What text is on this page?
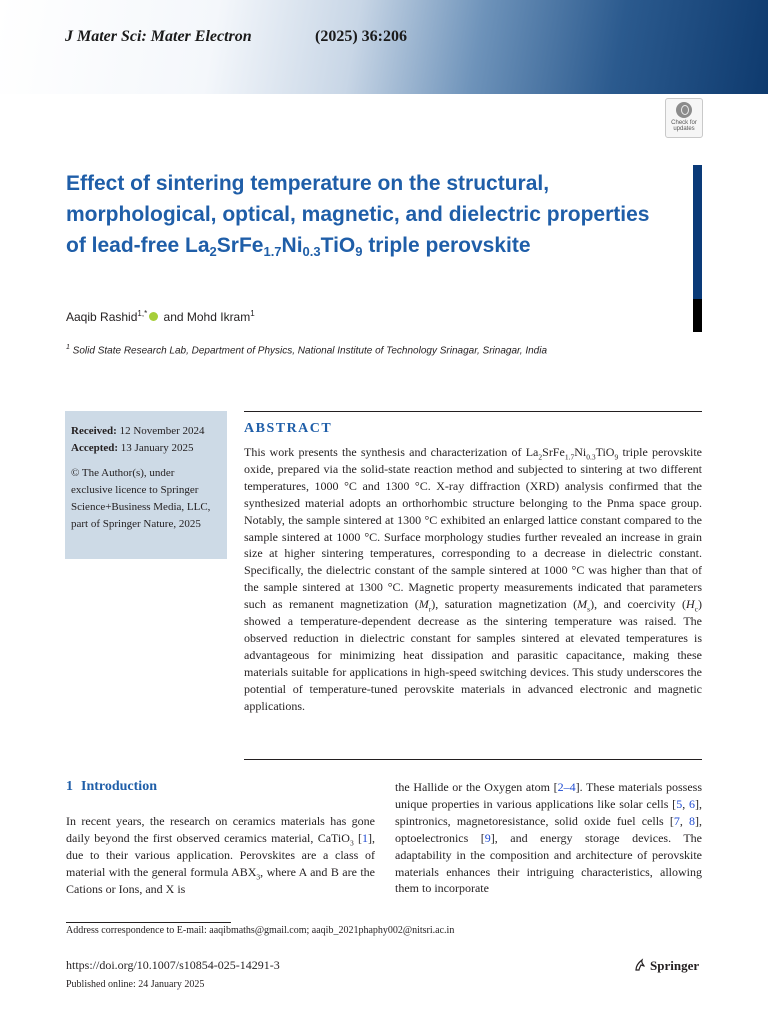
J Mater Sci: Mater Electron	(2025) 36:206
Check for
updates
Effect of sintering temperature on the structural, morphological, optical, magnetic, and dielectric properties of lead-free $La_2SrFe_{1.7}Ni_{0.3}TiO_9$ triple perovskite
Aaqib Rashid$^{1,*}$ and Mohd Ikram$^1$
$^1$ Solid State Research Lab, Department of Physics, National Institute of Technology Srinagar, Srinagar, India
Received: 12 November 2024
Accepted: 13 January 2025
© The Author(s), under
exclusive licence to Springer
Science+Business Media, LLC,
part of Springer Nature, 2025
ABSTRACT
This work presents the synthesis and characterization of $La_2SrFe_{1.7}Ni_{0.3}TiO_9$ triple perovskite oxide, prepared via the solid-state reaction method and subjected to sintering at two different temperatures, 1000 °C and 1300 °C. X-ray diffraction (XRD) analysis confirmed that the synthesized material adopts an orthorhombic structure belonging to the Pnma space group. Notably, the sample sintered at 1300 °C exhibited an enlarged lattice constant compared to the sample sintered at 1000 °C. Surface morphology studies further revealed an increase in grain size at higher sintering temperatures, corresponding to a decrease in dielectric constant. Specifically, the dielectric constant of the sample sintered at 1000 °C was higher than that of the sample sintered at 1300 °C. Magnetic property measurements indicated that parameters such as remanent magnetization $(M_r)$, saturation magnetization $(M_s)$, and coercivity $(H_c)$ showed a temperature-dependent decrease as the sintering temperature was raised. The observed reduction in dielectric constant for samples sintered at elevated temperatures is advantageous for minimizing heat dissipation and parasitic capacitance, making these materials suitable for applications in high-speed switching devices. This study underscores the potential of temperature-tuned perovskite materials in advanced electronic and magnetic applications.
1 Introduction
In recent years, the research on ceramics materials has gone daily beyond the first observed ceramics material, CaTiO$_3$ [1], due to their various application. Perovskites are a class of material with the general formula $ABX_3$, where A and B are the Cations or Ions, and X is
the Hallide or the Oxygen atom [2–4]. These materials possess unique properties in various applications like solar cells [5, 6], spintronics, magnetoresistance, solid oxide fuel cells [7, 8], optoelectronics [9], and energy storage devices. The adaptability in the composition and architecture of perovskite materials enhances their intriguing characteristics, allowing them to incorporate
Address correspondence to E-mail: aaqibmaths@gmail.com; aaqib_2021phaphy002@nitsri.ac.in
https://doi.org/10.1007/s10854-025-14291-3
Published online: 24 January 2025
Springer
